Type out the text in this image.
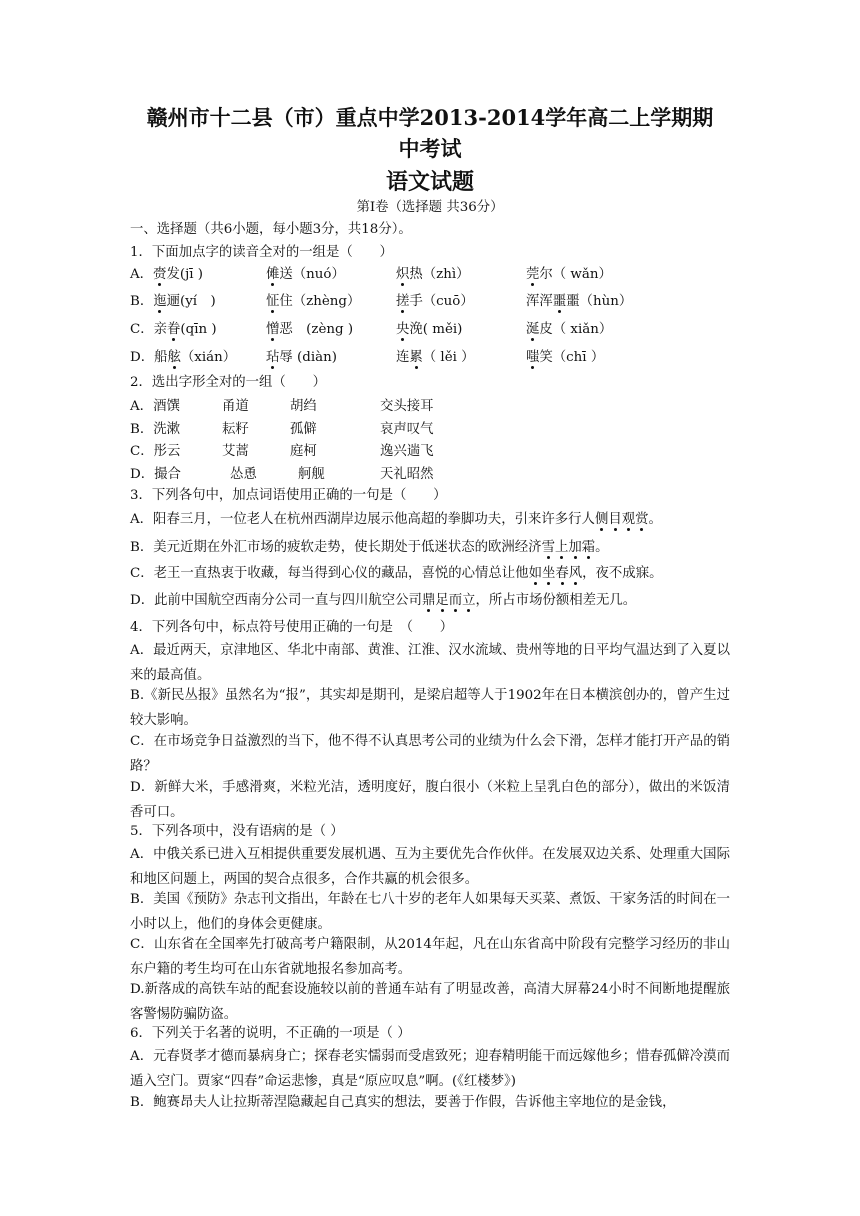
赣州市十二县（市）重点中学2013-2014学年高二上学期期
中考试
语文试题
第Ⅰ卷（选择题 共36分）
一、选择题（共6小题，每小题3分，共18分）。
1．下面加点字的读音全对的一组是（　　）
A．赍发(jī )	傩送（nuó）	炽热（zhì）	莞尔（ wǎn）
B．迤逦(yí　)	怔住（zhèng）	搓手（cuō）	浑浑噩噩（hùn）
C．亲眷(qīn )	憎恶　(zèng )	央浼( měi)	涎皮（ xiǎn）
D．船舷（xián） 玷辱 (diàn)	连累（ lěi ）	嗤笑（chī ）
2．选出字形全对的一组（　　）
A．酒馔	甬道	胡绉	交头接耳
B．洗漱	耘籽	孤僻	哀声叹气
C．彤云	艾蒿	庭柯	逸兴遄飞
D．撮合	怂恿	舸舰	天礼昭然
3．下列各句中，加点词语使用正确的一句是（　　）
A．阳春三月，一位老人在杭州西湖岸边展示他高超的拳脚功夫，引来许多行人侧目观赏。
B．美元近期在外汇市场的疲软走势，使长期处于低迷状态的欧洲经济雪上加霜。
C．老王一直热衷于收藏，每当得到心仪的藏品，喜悦的心情总让他如坐春风，夜不成寐。
D．此前中国航空西南分公司一直与四川航空公司鼎足而立，所占市场份额相差无几。
4．下列各句中，标点符号使用正确的一句是　（　　）
A．最近两天，京津地区、华北中南部、黄淮、江淮、汉水流域、贵州等地的日平均气温达到了入夏以来的最高值。
B.《新民丛报》虽然名为“报”，其实却是期刊，是梁启超等人于1902年在日本横滨创办的，曾产生过较大影响。
C．在市场竞争日益激烈的当下，他不得不认真思考公司的业绩为什么会下滑，怎样才能打开产品的销路？
D．新鲜大米，手感滑爽，米粒光洁，透明度好，腹白很小（米粒上呈乳白色的部分），做出的米饭清香可口。
5．下列各项中，没有语病的是（ ）
A．中俄关系已进入互相提供重要发展机遇、互为主要优先合作伙伴。在发展双边关系、处理重大国际和地区问题上，两国的契合点很多，合作共赢的机会很多。
B．美国《预防》杂志刊文指出，年龄在七八十岁的老年人如果每天买菜、煮饭、干家务活的时间在一小时以上，他们的身体会更健康。
C．山东省在全国率先打破高考户籍限制，从2014年起，凡在山东省高中阶段有完整学习经历的非山东户籍的考生均可在山东省就地报名参加高考。
D.新落成的高铁车站的配套设施较以前的普通车站有了明显改善，高清大屏幕24小时不间断地提醒旅客警惕防骗防盗。
6．下列关于名著的说明，不正确的一项是（ ）
A．元春贤孝才德而暴病身亡；探春老实懦弱而受虐致死；迎春精明能干而远嫁他乡；惜春孤僻冷漠而遁入空门。贾家“四春”命运悲惨，真是“原应叹息”啊。(《红楼梦》)
B．鲍赛昂夫人让拉斯蒂涅隐藏起自己真实的想法，要善于作假，告诉他主宰地位的是金钱，
